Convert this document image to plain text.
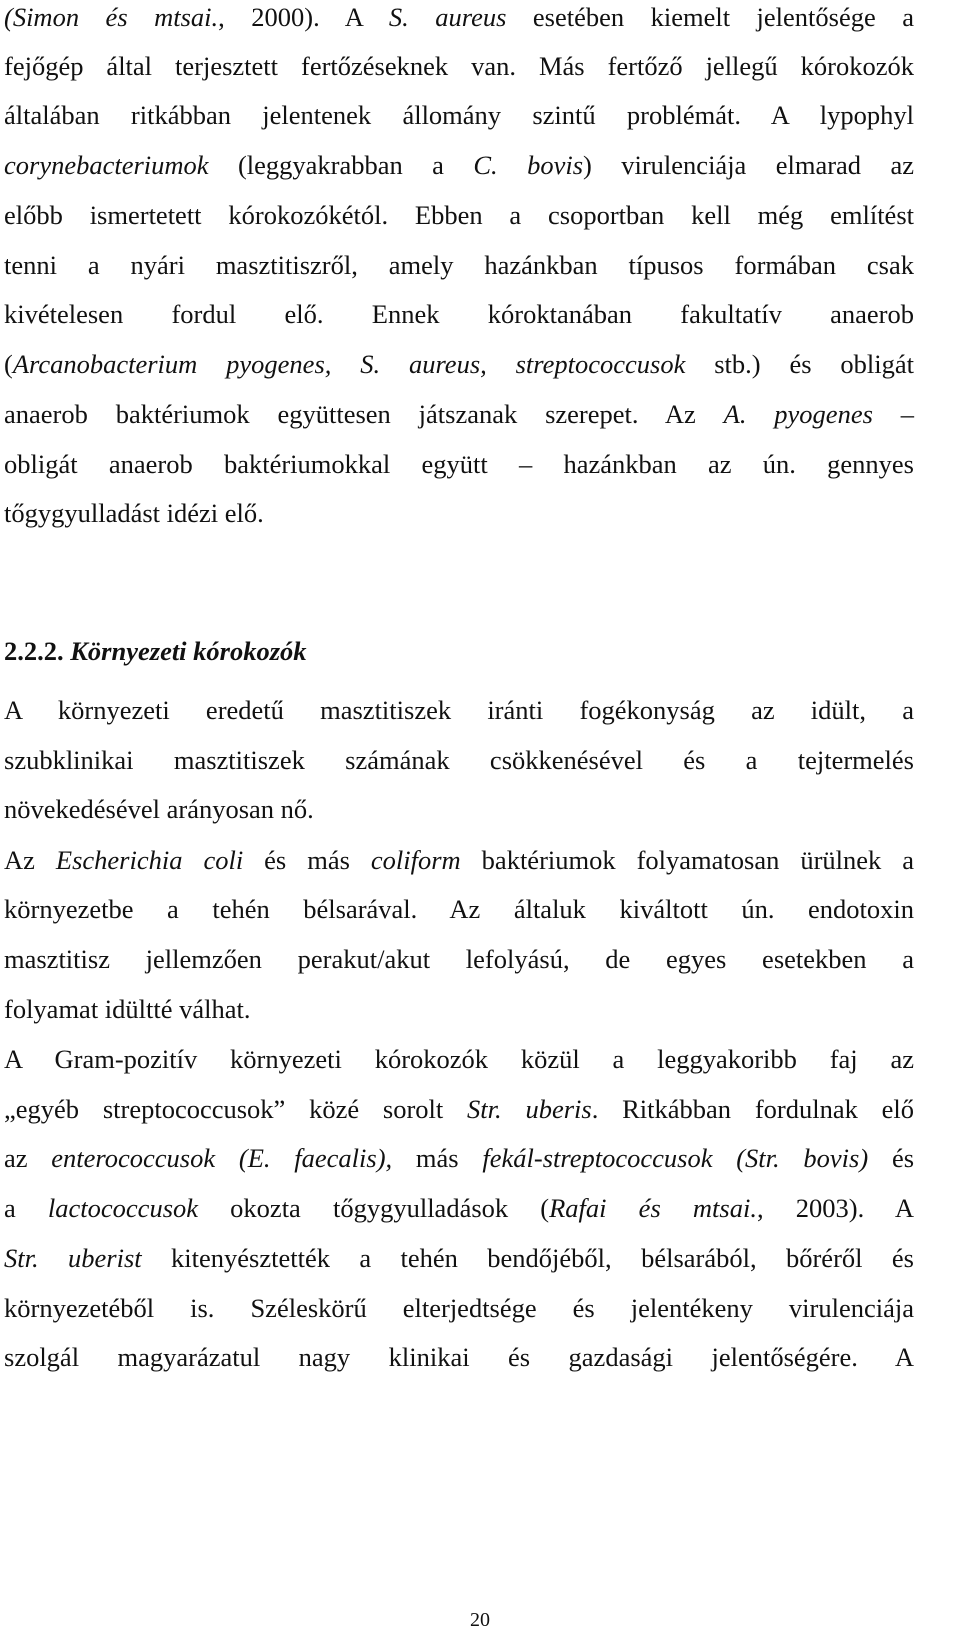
(Simon és mtsai., 2000). A S. aureus esetében kiemelt jelentősége a
fejőgép által terjesztett fertőzéseknek van. Más fertőző jellegű kórokozók
általában ritkábban jelentenek állomány szintű problémát. A lypophyl
corynebacteriumok (leggyakrabban a C. bovis) virulenciája elmarad az
előbb ismertetett kórokozókétól. Ebben a csoportban kell még említést
tenni a nyári masztitiszről, amely hazánkban típusos formában csak
kivételesen fordul elő. Ennek kóroktanában fakultatív anaerob
(Arcanobacterium pyogenes, S. aureus, streptococcusok stb.) és obligát
anaerob baktériumok együttesen játszanak szerepet. Az A. pyogenes –
obligát anaerob baktériumokkal együtt – hazánkban az ún. gennyes
tőgygyulladást idézi elő.
2.2.2. Környezeti kórokozók
A környezeti eredetű masztitiszek iránti fogékonyság az idült, a
szubklinikai masztitiszek számának csökkenésével és a tejtermelés
növekedésével arányosan nő.
Az Escherichia coli és más coliform baktériumok folyamatosan ürülnek a
környezetbe a tehén bélsarával. Az általuk kiváltott ún. endotoxin
masztitisz jellemzően perakut/akut lefolyású, de egyes esetekben a
folyamat idültté válhat.
A Gram-pozitív környezeti kórokozók közül a leggyakoribb faj az
„egyéb streptococcusok” közé sorolt Str. uberis. Ritkábban fordulnak elő
az enterococcusok (E. faecalis), más fekál-streptococcusok (Str. bovis) és
a lactococcusok okozta tőgygyulladások (Rafai és mtsai., 2003). A
Str. uberist kitenyésztették a tehén bendőjéből, bélsarából, bőréről és
környezetéből is. Széleskörű elterjedtsége és jelentékeny virulenciája
szolgál magyarázatul nagy klinikai és gazdasági jelentőségére. A
20
